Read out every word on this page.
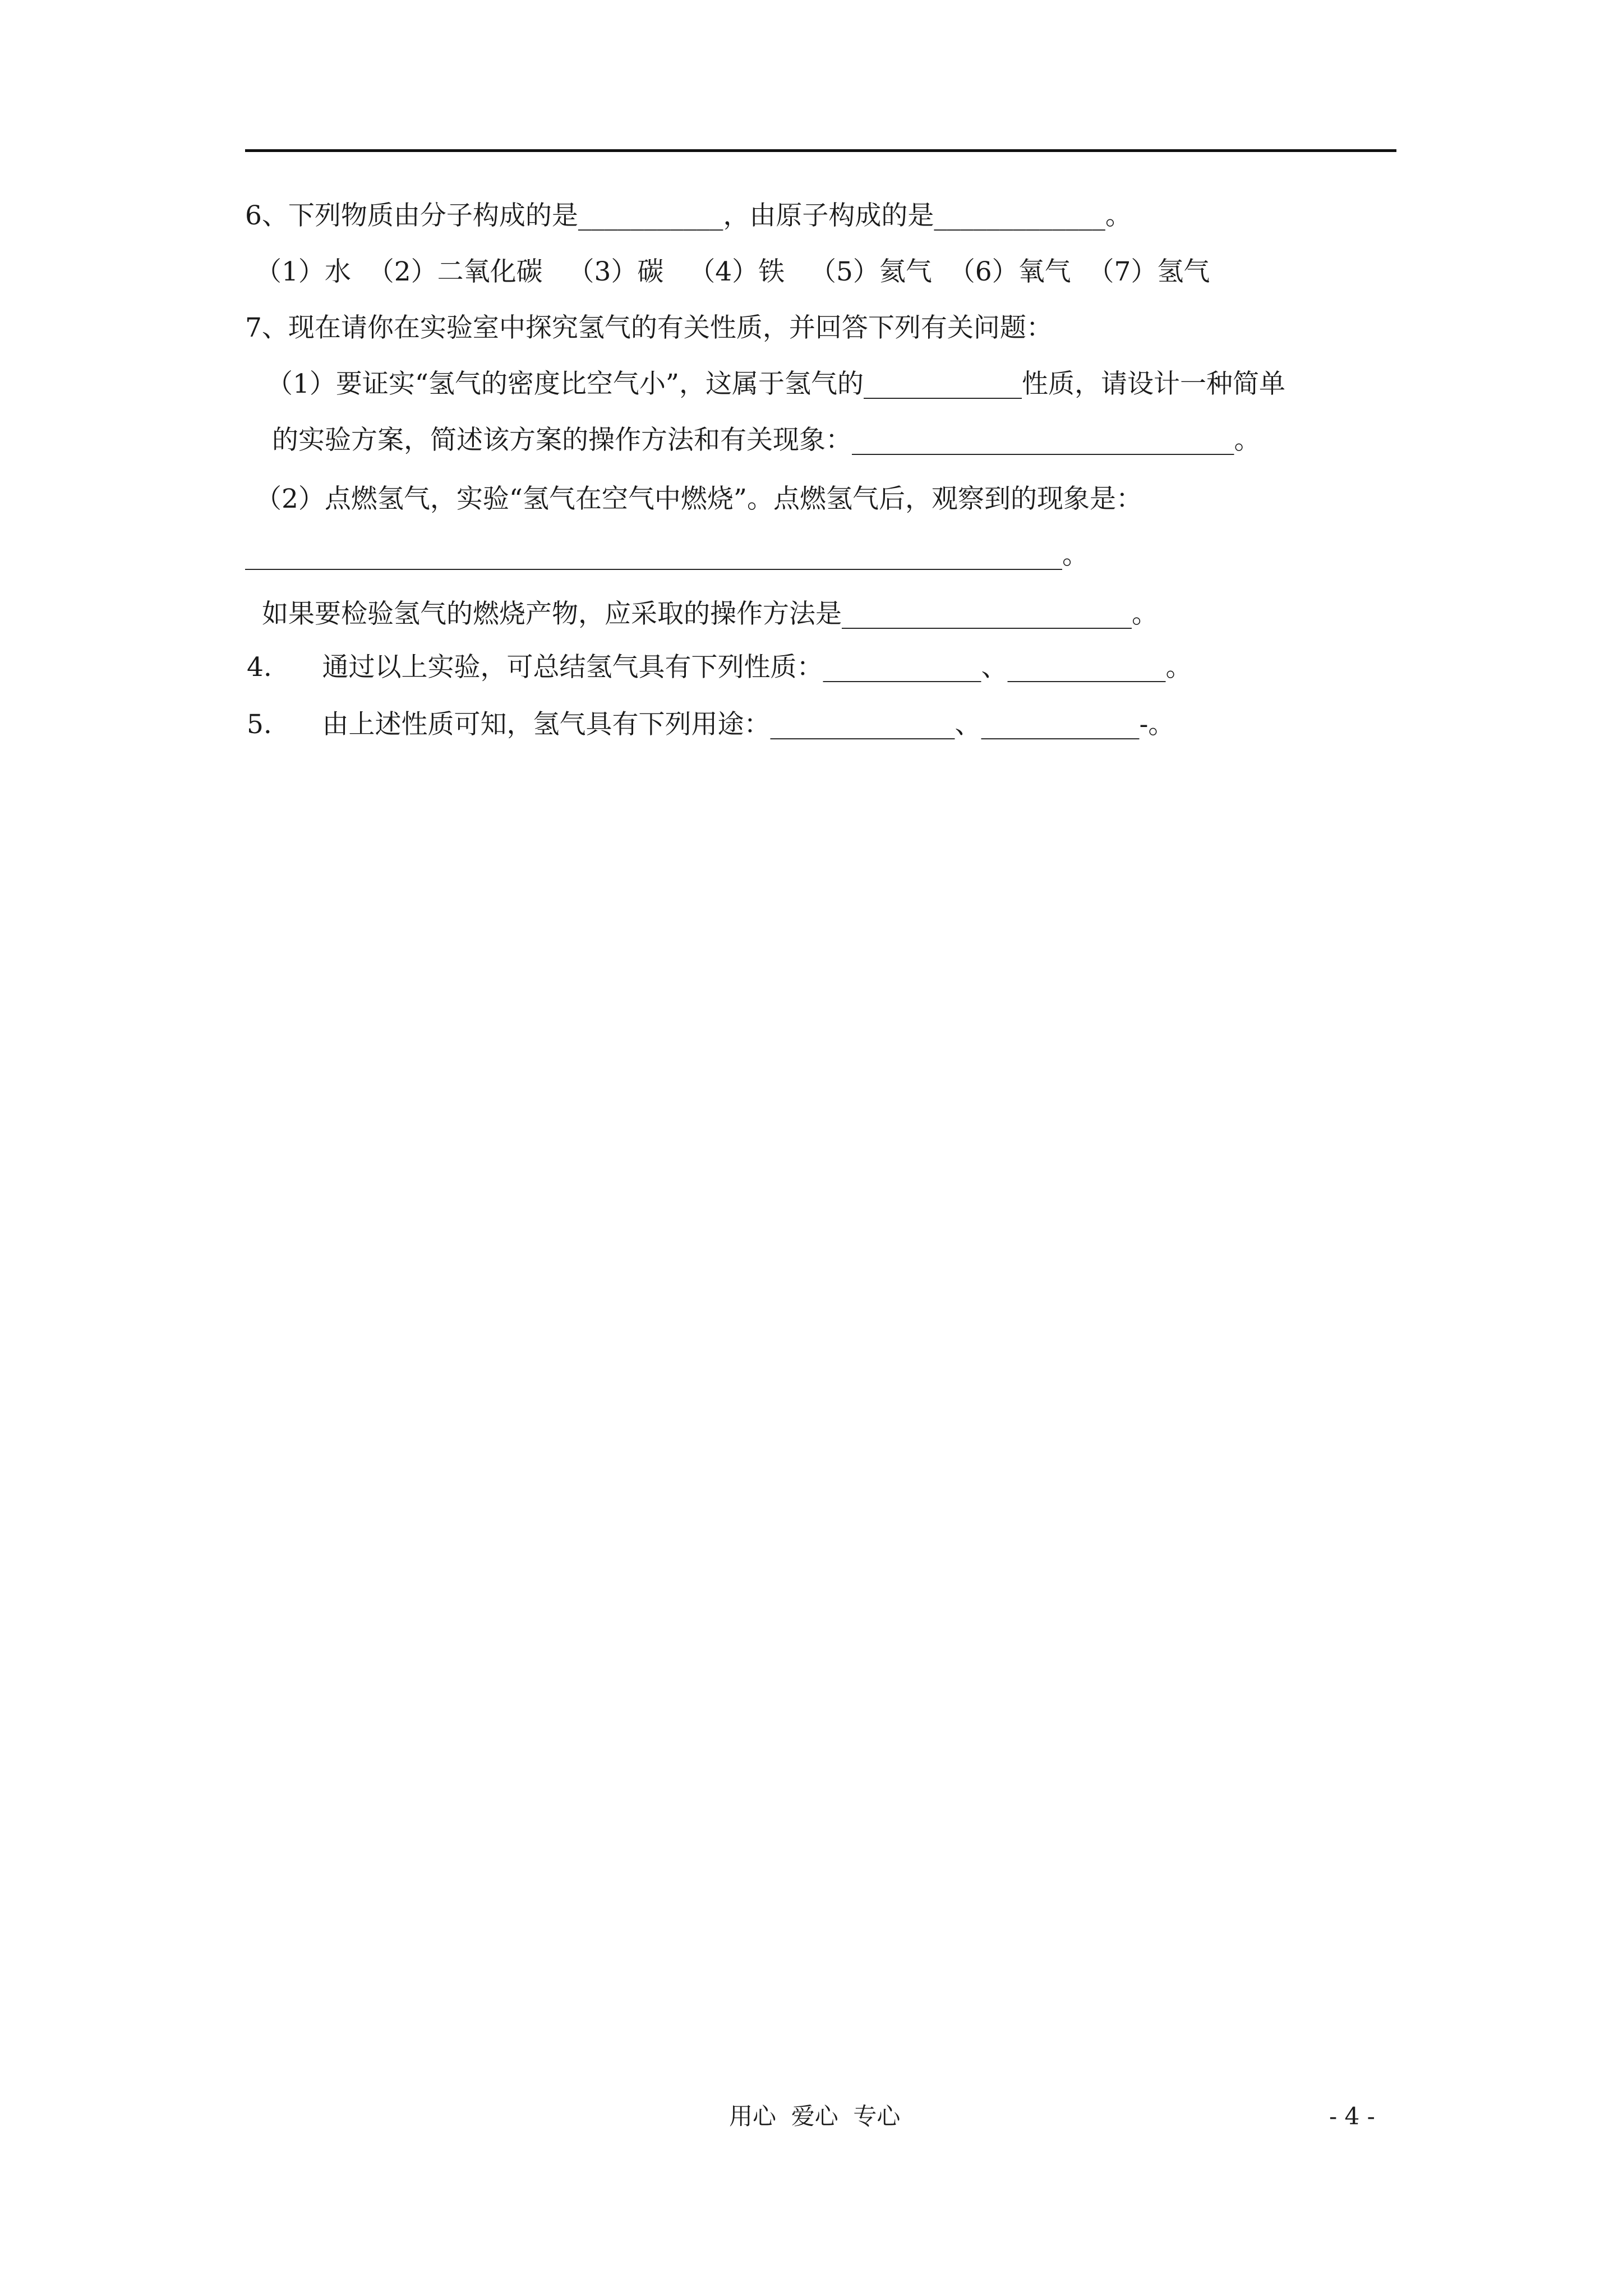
6、下列物质由分子构成的是___________，由原子构成的是_____________。
（1）水  （2）二氧化碳   （3）碳   （4）铁   （5）氦气  （6）氧气  （7）氢气
7、现在请你在实验室中探究氢气的有关性质，并回答下列有关问题：
（1）要证实“氢气的密度比空气小”，这属于氢气的____________性质，请设计一种简单
的实验方案，简述该方案的操作方法和有关现象：_____________________________。
（2）点燃氢气，实验“氢气在空气中燃烧”。点燃氢气后，观察到的现象是：
______________________________________________________________。
如果要检验氢气的燃烧产物，应采取的操作方法是______________________。
4.      通过以上实验，可总结氢气具有下列性质：____________、____________。
5.      由上述性质可知，氢气具有下列用途：______________、____________-。
用心  爱心  专心	- 4 -
